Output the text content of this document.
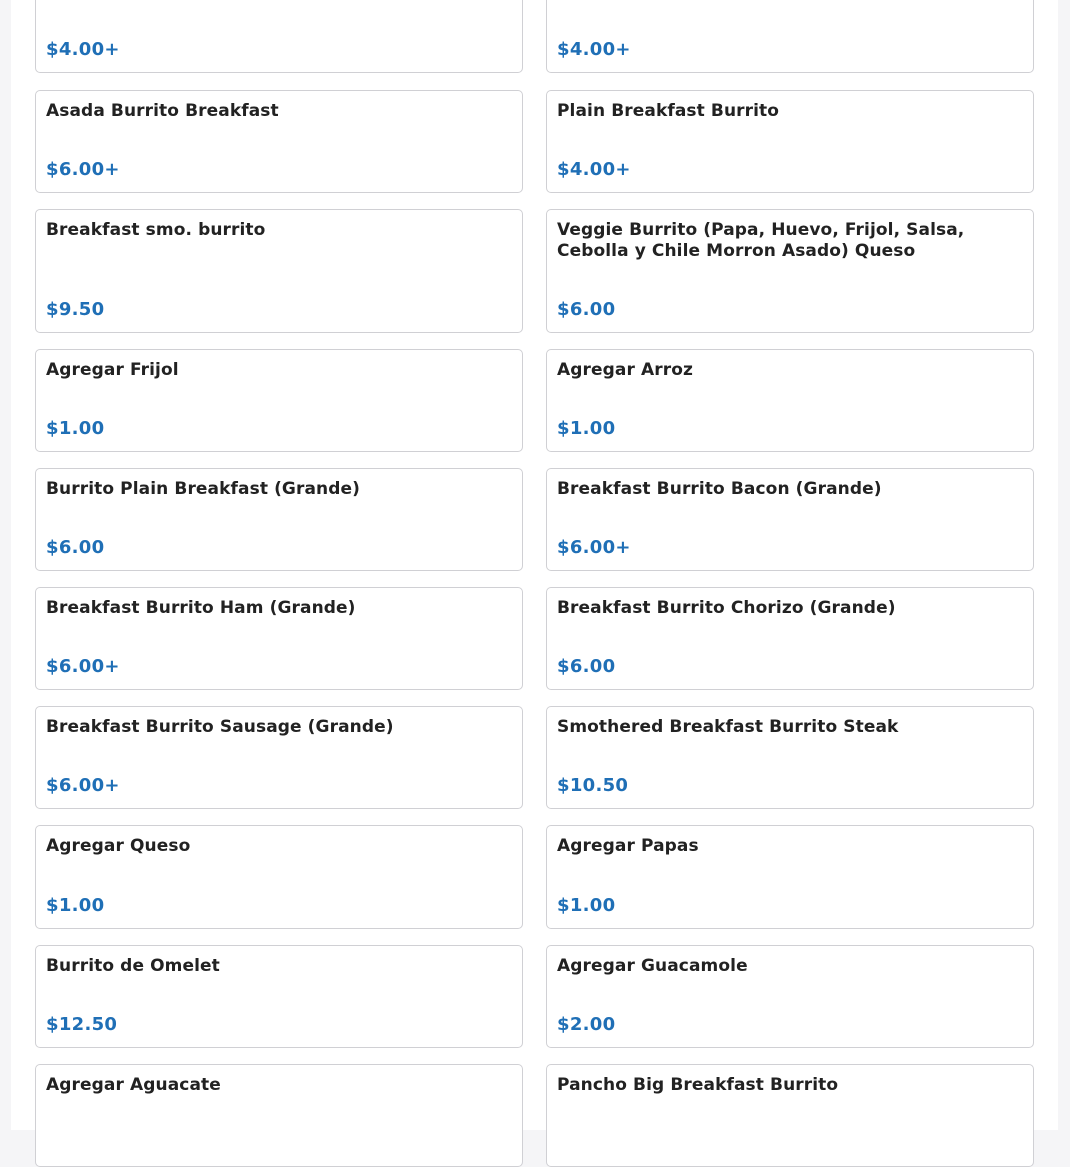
$4.00+	$4.00+
Asada Burrito Breakfast
$6.00+
Plain Breakfast Burrito
$4.00+
Breakfast smo. burrito
$9.50
Veggie Burrito (Papa, Huevo, Frijol, Salsa, Cebolla y Chile Morron Asado) Queso
$6.00
Agregar Frijol
$1.00
Agregar Arroz
$1.00
Burrito Plain Breakfast (Grande)
$6.00
Breakfast Burrito Bacon (Grande)
$6.00+
Breakfast Burrito Ham (Grande)
$6.00+
Breakfast Burrito Chorizo (Grande)
$6.00
Breakfast Burrito Sausage (Grande)
$6.00+
Smothered Breakfast Burrito Steak
$10.50
Agregar Queso
$1.00
Agregar Papas
$1.00
Burrito de Omelet
$12.50
Agregar Guacamole
$2.00
Agregar Aguacate	Pancho Big Breakfast Burrito
